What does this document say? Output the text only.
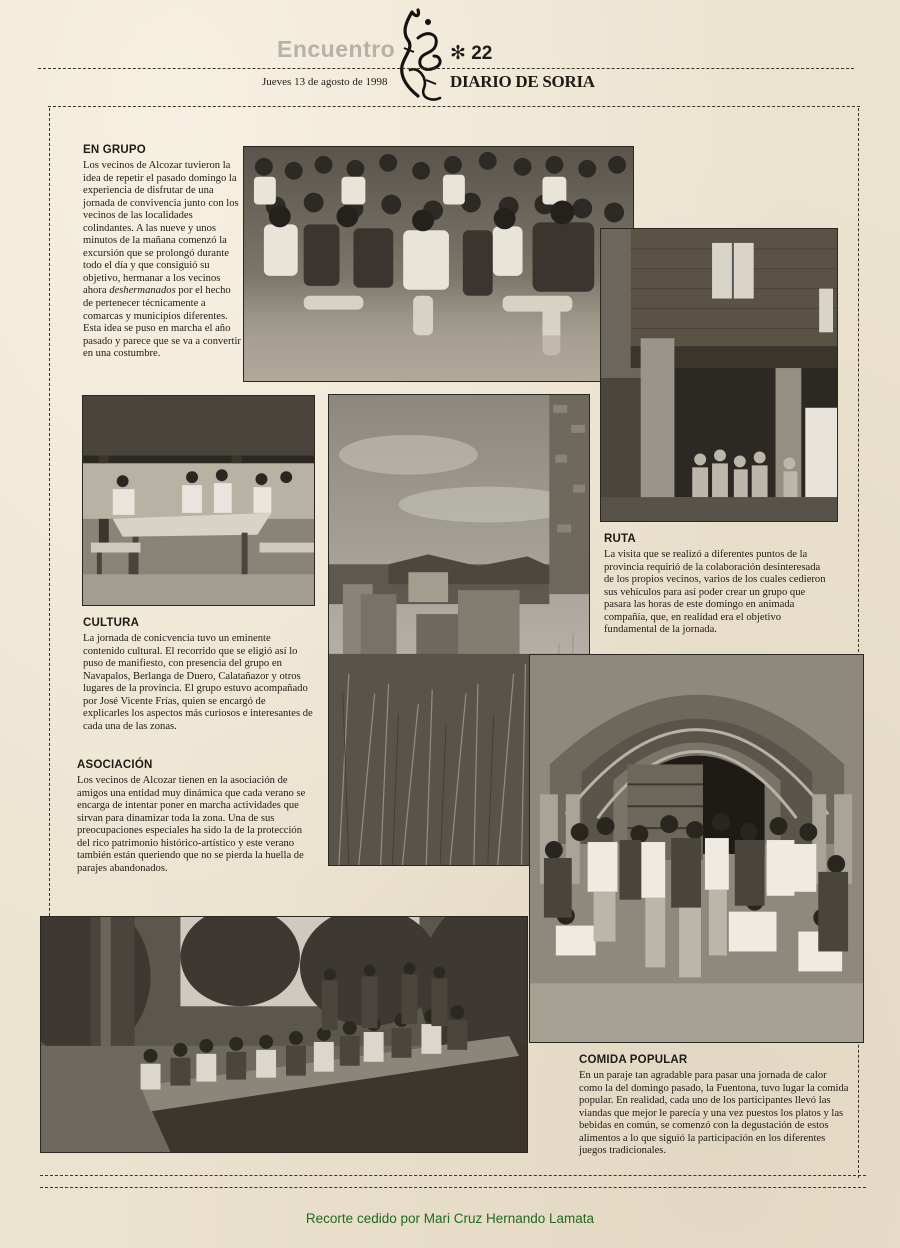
Encuentro	✻ 22
Jueves 13 de agosto de 1998	DIARIO DE SORIA
EN GRUPO
Los vecinos de Alcozar tuvieron la idea de repetir el pasado domingo la experiencia de disfrutar de una jornada de convivencia junto con los vecinos de las localidades colindantes. A las nueve y unos minutos de la mañana comenzó la excursión que se prolongó durante todo el día y que consiguió su objetivo, hermanar a los vecinos ahora deshermanados por el hecho de pertenecer técnicamente a comarcas y municipios diferentes. Esta idea se puso en marcha el año pasado y parece que se va a convertir en una costumbre.
RUTA
La visita que se realizó a diferentes puntos de la provincia requirió de la colaboración desinteresada de los propios vecinos, varios de los cuales cedieron sus vehículos para así poder crear un grupo que pasara las horas de este domingo en animada compañía, que, en realidad era el objetivo fundamental de la jornada.
CULTURA
La jornada de conicvencia tuvo un eminente contenido cultural. El recorrido que se eligió así lo puso de manifiesto, con presencia del grupo en Navapalos, Berlanga de Duero, Calatañazor y otros lugares de la provincia. El grupo estuvo acompañado por José Vicente Frías, quien se encargó de explicarles los aspectos más curiosos e interesantes de cada una de las zonas.
ASOCIACIÓN
Los vecinos de Alcozar tienen en la asociación de amigos una entidad muy dinámica que cada verano se encarga de intentar poner en marcha actividades que sirvan para dinamizar toda la zona. Una de sus preocupaciones especiales ha sido la de la protección del rico patrimonio histórico-artístico y este verano también están queriendo que no se pierda la huella de parajes abandonados.
COMIDA POPULAR
En un paraje tan agradable para pasar una jornada de calor como la del domingo pasado, la Fuentona, tuvo lugar la comida popular. En realidad, cada uno de los participantes llevó las viandas que mejor le parecía y una vez puestos los platos y las bebidas en común, se comenzó con la degustación de estos alimentos a lo que siguió la participación en los diferentes juegos tradicionales.
Recorte cedido por Mari Cruz Hernando Lamata
